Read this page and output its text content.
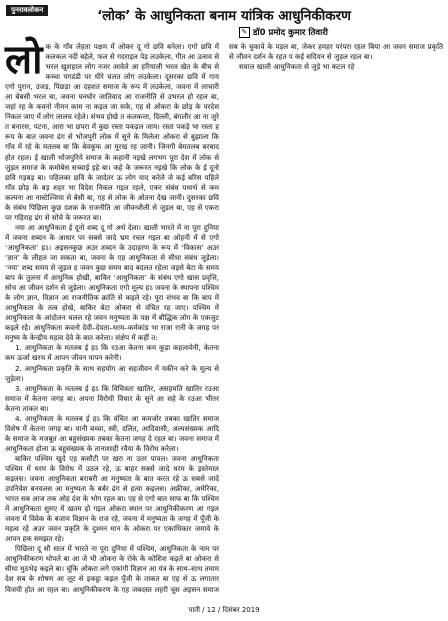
पुनरावलोकन	‘लोक’ के आधुनिकता बनाम यांत्रिक आधुनिकीकरण
✎ डॉ0 प्रमोद कुमार तिवारी

लोक के गाँव लेहता पक्षम में ओकर दू गो छवि बनेला। एगो छवि में कलकल नदी बहेले, फल से गदराइल पेड़ लउकेला, गीत आ उत्सव से भरल खुशहाल लोग नजर आवेले आ हरियाली भरल खेत के बीच से कच्चा पगडंडी पर धीरे चलत लोग लउकेला। दूसरका छवि में गाय एगो पुरान, उजड़, पिछड़ा आ दहशत समाज के रूप में लउकेला, जवना में लाचारी आ बेबसी भरल बा, जवना घनघोर जातिवाद आ राजनीति से उभरल हो रहल बा, जहां रह के कवनो नीमन काम ना कइल जा सके, एह से ओकरा के छोड़ के परदेस निकल जाए में लोग लालच रहेले। संभव होखे त कलकत्ता, दिल्ली, बंगलौर आ ना जुरे त बनारस, पटना, आरा भा छपरा में कुछ रस्ता पकड़ल जाय। रस्ता पकड़े भा रस्ता ह रूप के बात जवना ढंग से भोजपुरी लोक में सुने के मिलेला ओकरा से बुझाला कि गाँव में रहे के मतलब बा कि बेवकूफ आ मूरख रह जानी। जिनगी बेमतलब बरबाद होत रहल। ई खाली भोजपुरिये समाज के कहानी नइखे लगभग पूरा देश में लोक से जुड़ल समाज के कमोबेस सच्चाई इहे बा। कहे के जरूरत नइखे कि लोक के ई दूनो छवि गड़बड़ बा। पहिलका छवि के जादेतर ऊ लोग याद करेले जे कई बरिस पहिले गाँव छोड़ के बड़ शहर भा विदेश निकल गइल रहले, एकर संबंध यथार्थ से कम कल्पना आ नास्टेल्जिया से बेसी बा, एह से लोक के ओतना देख जानी। दुसरका छवि के संबंध पिछिला कुछ दशक के राजनीति आ जीवनशैली से जुड़ल बा, एह से एकरा पर गहिराह ढंग से सोचे के जरूरत बा।

नया आ आधुनिकता ई दूनो शब्द दू गो अर्थ देला। खाली भारते में ना पूरा दुनिया में जवना शब्दन के आधार पर सबसे जादे भ्रम रचल गइल बा ओहनी में से एगो ‘आधुनिकता’ हऽ। अइसनकुछ अउर शब्दन के उदाहरण के रूप में ‘विकास’ अउर ‘ज्ञान’ के लीहल जा सकता बा, जवना के एह आधुनिकता से सीधा संबंध जुड़ेला। ‘नया’ शब्द समय से जुड़ल ह जवन कुछ समय बाद बदलत रहेला जइसे बेटा के समय बाप के तुलना में आधुनिक होखी, बाकिर ‘आधुनिकता’ के संबंध एगो खास प्रवृत्ति, सोच आ जीवन दर्शन से जुड़ेला। आधुनिकता एगो मूल्य हऽ जवना के स्थापना पश्चिम के लोग ज्ञान, विज्ञान आ राजनीतिक क्रांति से कइले रहे। पूरा संभव बा कि बाप में आधुनिकता के तत्व होखे, बाकिर बेटा ओकरा से वंचित रह जाए। पश्चिम में आधुनिकता के आंदोलन चलल रहे जवन मनुष्यता के पक्ष में बौद्धिक लोग के एकजुट कइले रहे। आधुनिकता कवनो देवी–देवता–धरम–कर्मकांड भा राजा रानी के जगह पर मनुष्य के केन्द्रीय महत्व देवे के बात करेला। संक्षेप में कहीं त:

1. आधुनिकता के मतलब ई हऽ कि रउआ केतना कम कूड़ा कहलावेनी, केतना कम ऊर्जा खरच में आपन जीवन यापन करेनी।

2. आधुनिकता प्रकृति के साथ सहयोग आ सहजीवन में यकीन करे के मूल्य से जुड़ेला।

3. आधुनिकता के मतलब ई हऽ कि विचित्रता खातिर, असहमति खातिर रउआ समाज में केतना जगह बा। अपना विरोधी विचार के सुने आ सहे के रउआ भीतर केतना ताकत बा।

4. आधुनिकता के मतलब ई हऽ कि वंचित आ कमजोर तबका खातिर समाज विशेष में केतना जगह बा। यानी बच्चा, स्त्री, दलित, आदिवासी, अल्पसंख्यक आदि के समाज के मजबूत आ बहुसंख्यक तबका केतना जगह दे रहल बा। जवना समाज में आधुनिकता होला ऊ बहुसंख्यक के तानाशाही रवैया के विरोध करेला।

बाकिर पश्चिम खुदे एह कसौटी पर खरा ना उतर पावल। जवना आधुनिकता पश्चिम में धरम के विरोध में उठल रहे, ऊ बाहर सबसे जादे धरम के इस्तेमाल कइलस। जवना आधुनिकता बराबरी आ मनुष्यता के बात करत रहे ऊ सबसे जादे उपनिवेश बनवलस आ मनुष्यता के बर्बर ढंग से हत्या कइलस। अफ्रीका, अमेरिका, भारत सब आज तक ओह दंश के भोग रहल बा। एह से एगो बात साफ बा कि पश्चिम में आधुनिकता शुरुए में खतम हो गइल ओकरा स्थान पर आधुनिकीकरण आ गइल जवना में विवेक के बजाय विज्ञान के राज रहे, जवना में मनुष्यता के जगह में पूँजी के महत्व रहे अउर जवन प्रकृति के दुश्मन मान के ओकरा पर एकाधिकार जमावे के आपन हक समझत रहे।

पिछिला दू सौ साल में भारते ना पूरा दुनिया में पश्चिम, आधुनिकता के नाम पर आधुनिकीकरण थोपले बा आ जे भी ओकरा के रोके के कोशिश कइले बा ओकरा से सीधा मुठभेड़ कइले बा। चूंकि ओकरा लगे एकांगी विज्ञान आ यंत्र के साथ–साथ तमाम देश सब के शोषण आ लूट से इकट्ठा कइल पूँजी के ताकत बा एह से ऊ लगातार विजयी होत आ रहल बा। आधुनिकीकरण के एह जबदस्त लहरी चूस अइसन समाज सब के चुकावे के पड़ल बा, जेकर हमहर परंपरा रहल बिया आ जवन समाज प्रकृति से जीवन दर्शन के रहत प कई सदियन से जुड़ल रहल बा।

सवाल खाली आधुनिकता से जुड़े भा कटल रहे

पाती / 12 / दिसंबर 2019
